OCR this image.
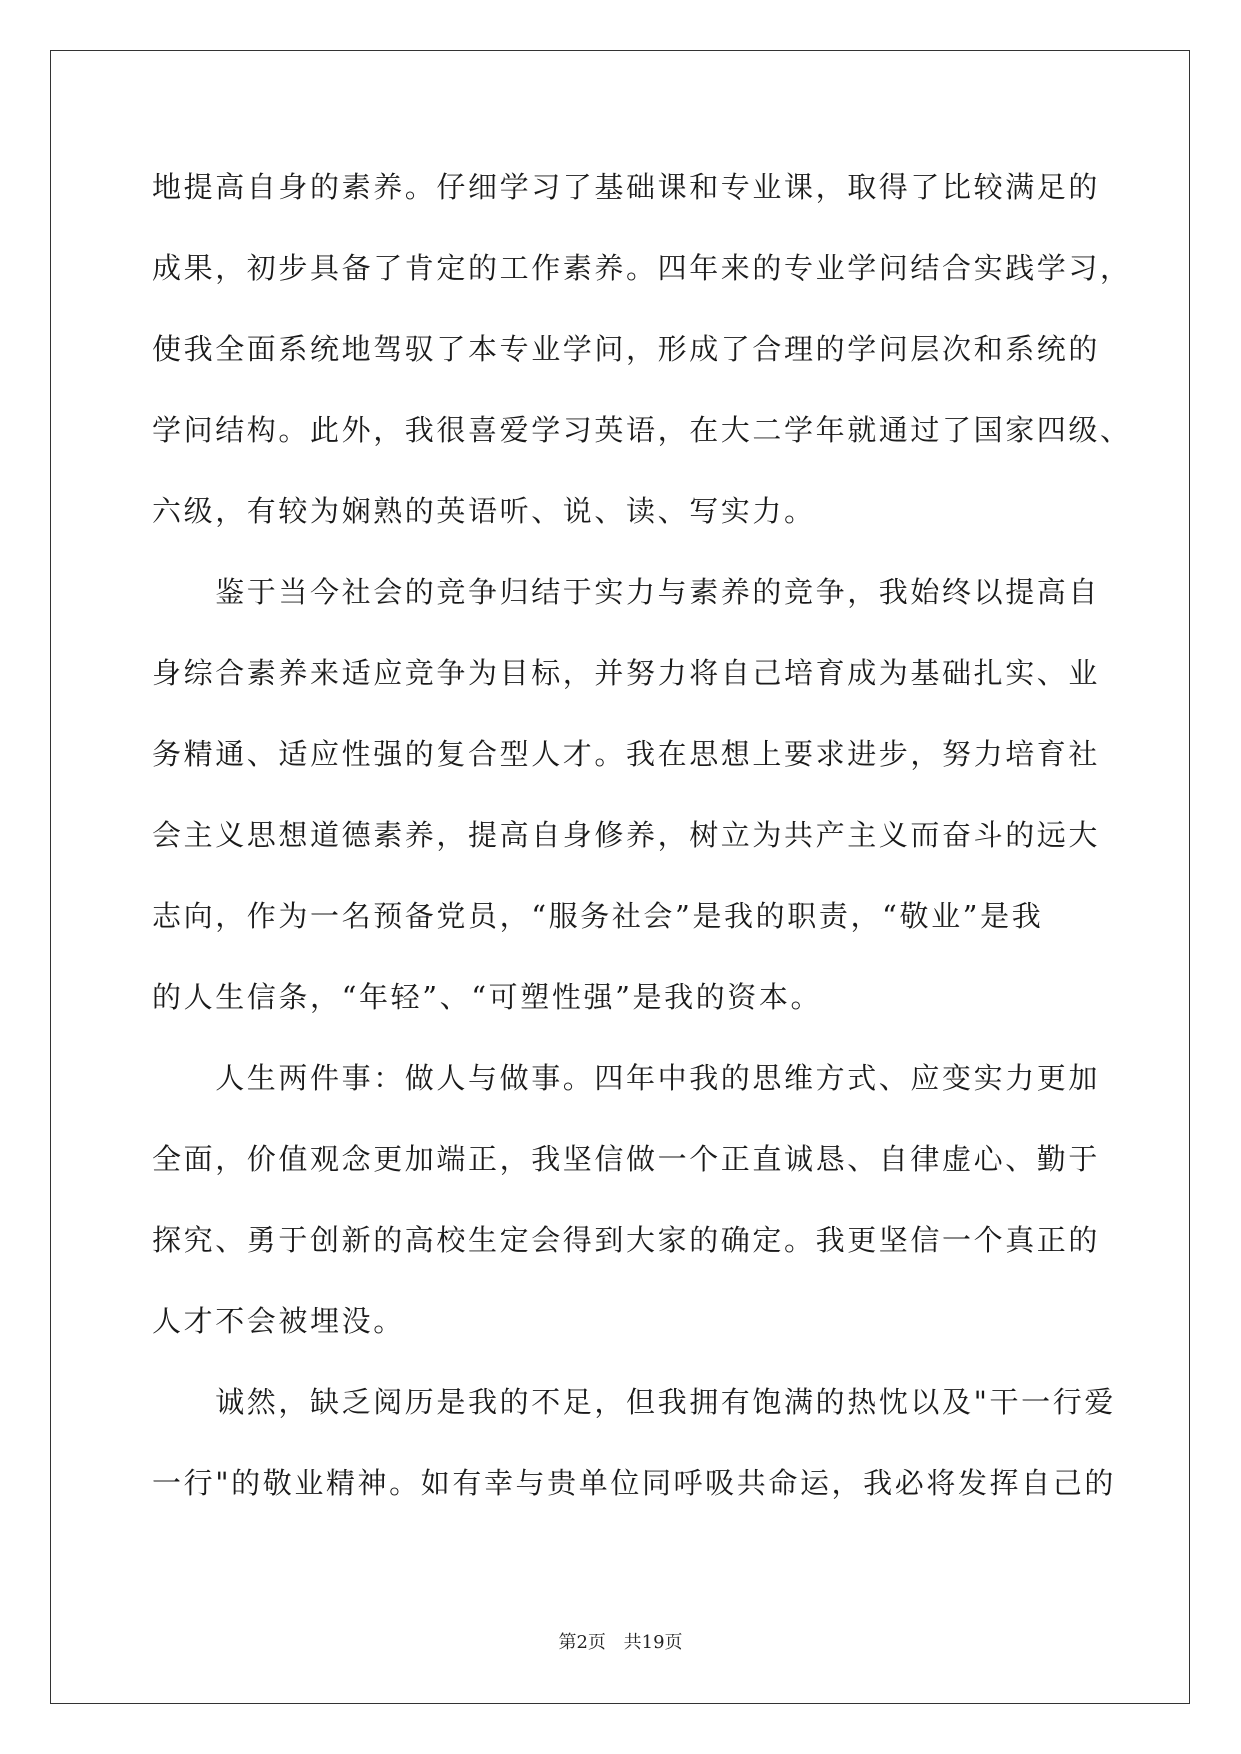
地提高自身的素养。仔细学习了基础课和专业课，取得了比较满足的
成果，初步具备了肯定的工作素养。四年来的专业学问结合实践学习，
使我全面系统地驾驭了本专业学问，形成了合理的学问层次和系统的
学问结构。此外，我很喜爱学习英语，在大二学年就通过了国家四级、
六级，有较为娴熟的英语听、说、读、写实力。
　　鉴于当今社会的竞争归结于实力与素养的竞争，我始终以提高自
身综合素养来适应竞争为目标，并努力将自己培育成为基础扎实、业
务精通、适应性强的复合型人才。我在思想上要求进步，努力培育社
会主义思想道德素养，提高自身修养，树立为共产主义而奋斗的远大
志向，作为一名预备党员，“服务社会”是我的职责，“敬业”是我
的人生信条，“年轻”、“可塑性强”是我的资本。
　　人生两件事：做人与做事。四年中我的思维方式、应变实力更加
全面，价值观念更加端正，我坚信做一个正直诚恳、自律虚心、勤于
探究、勇于创新的高校生定会得到大家的确定。我更坚信一个真正的
人才不会被埋没。
　　诚然，缺乏阅历是我的不足，但我拥有饱满的热忱以及"干一行爱
一行"的敬业精神。如有幸与贵单位同呼吸共命运，我必将发挥自己的
第2页 共19页
